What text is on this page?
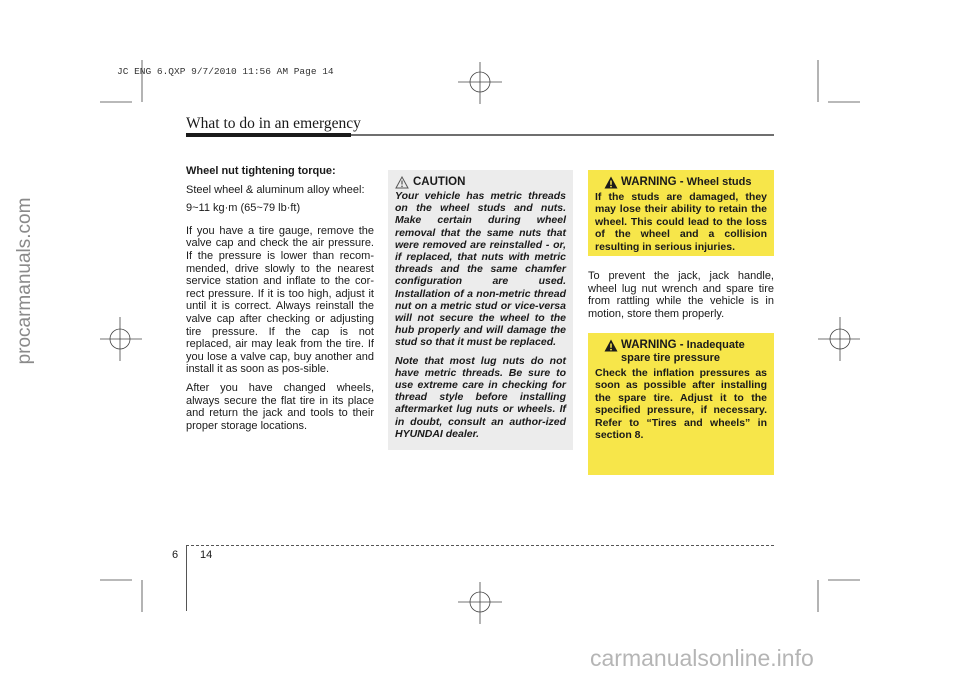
JC ENG 6.QXP 9/7/2010 11:56 AM Page 14
procarmanuals.com
What to do in an emergency

Wheel nut tightening torque:

Steel wheel & aluminum alloy wheel:

9~11 kg·m (65~79 lb·ft)

If you have a tire gauge, remove the valve cap and check the air pressure. If the pressure is lower than recom-mended, drive slowly to the nearest service station and inflate to the cor-rect pressure. If it is too high, adjust it until it is correct. Always reinstall the valve cap after checking or adjusting tire pressure. If the cap is not replaced, air may leak from the tire. If you lose a valve cap, buy another and install it as soon as pos-sible.

After you have changed wheels, always secure the flat tire in its place and return the jack and tools to their proper storage locations.

CAUTION

Your vehicle has metric threads on the wheel studs and nuts. Make certain during wheel removal that the same nuts that were removed are reinstalled - or, if replaced, that nuts with metric threads and the same chamfer configuration are used. Installation of a non-metric thread nut on a metric stud or vice-versa will not secure the wheel to the hub properly and will damage the stud so that it must be replaced.

Note that most lug nuts do not have metric threads. Be sure to use extreme care in checking for thread style before installing aftermarket lug nuts or wheels. If in doubt, consult an author-ized HYUNDAI dealer.

WARNING - Wheel studs

If the studs are damaged, they may lose their ability to retain the wheel. This could lead to the loss of the wheel and a collision resulting in serious injuries.

To prevent the jack, jack handle, wheel lug nut wrench and spare tire from rattling while the vehicle is in motion, store them properly.
WARNING - Inadequate
spare tire pressure

Check the inflation pressures as soon as possible after installing the spare tire. Adjust it to the specified pressure, if necessary. Refer to “Tires and wheels” in section 8.

6 14
carmanualsonline.info
